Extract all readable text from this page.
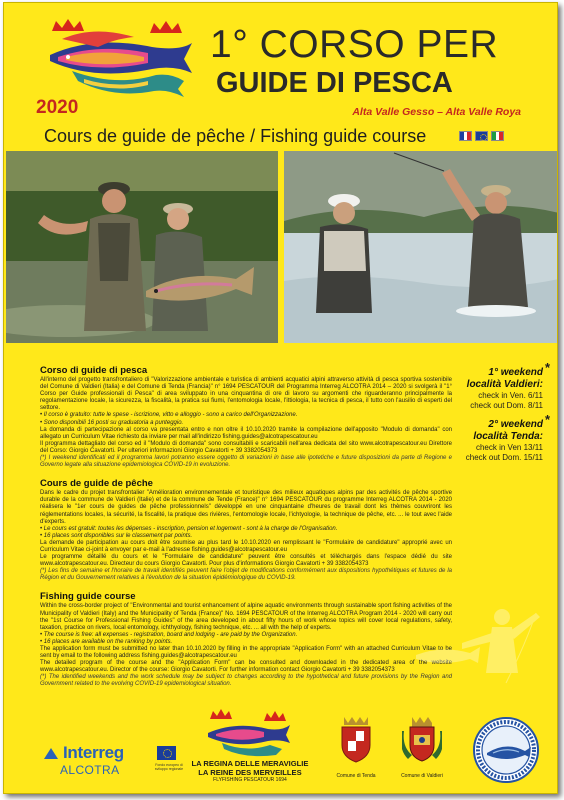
2020
1° CORSO PER
GUIDE DI PESCA
Alta Valle Gesso – Alta Valle Roya
Cours de guide de pêche / Fishing guide course
*
1° weekend
località Valdieri:
check in Ven. 6/11
check out Dom. 8/11
*
2° weekend
località Tenda:
check in Ven 13/11
check out Dom. 15/11
Corso di guide di pesca

All'interno del progetto transfrontaliero di "Valorizzazione ambientale e turistica di ambienti acquatici alpini attraverso attività di pesca sportiva sostenibile del Comune di Valdieri (Italia) e del Comune di Tenda (Francia)" n° 1694 PESCATOUR del Programma Interreg ALCOTRA 2014 – 2020 si svolgerà il "1° Corso per Guide professionali di Pesca" di area sviluppato in una cinquantina di ore di lavoro su argomenti che riguarderanno principalmente la regolamentazione locale, la sicurezza, la fiscalità, la pratica sui fiumi, l'entomologia locale, l'ittiologia, la tecnica di pesca, il tutto con l'ausilio di esperti del settore.

• Il corso è gratuito: tutte le spese - iscrizione, vitto e alloggio - sono a carico dell'Organizzazione.

• Sono disponibili 16 posti su graduatoria a punteggio.

La domanda di partecipazione al corso va presentata entro e non oltre il 10.10.2020 tramite la compilazione dell'apposito "Modulo di domanda" con allegato un Curriculum Vitae richiesto da inviare per mail all'indirizzo fishing.guides@alcotrapescatour.eu

Il programma dettagliato del corso ed il "Modulo di domanda" sono consultabili e scaricabili nell'area dedicata del sito www.alcotrapescatour.eu Direttore del Corso: Giorgio Cavatorti. Per ulteriori informazioni Giorgio Cavatorti + 39 3382054373

(*) I weekend identificati ed il programma lavori potranno essere oggetto di variazioni in base alle ipotetiche e future disposizioni da parte di Regione e Governo legate alla situazione epidemiologica COVID-19 in evoluzione.

Cours de guide de pêche

Dans le cadre du projet transfrontalier "Amélioration environnementale et touristique des milieux aquatiques alpins par des activités de pêche sportive durable de la commune de Valdieri (Italie) et de la commune de Tende (France)" n° 1694 PESCATOUR du programme Interreg ALCOTRA 2014 - 2020 réalisera le "1er cours de guides de pêche professionnels" développé en une cinquantaine d'heures de travail dont les thèmes couvriront les réglementations locales, la sécurité, la fiscalité, la pratique des rivières, l'entomologie locale, l'ichtyologie, la technique de pêche, etc. ... le tout avec l'aide d'experts.

• Le cours est gratuit: toutes les dépenses - inscription, pension et logement - sont à la charge de l'Organisation.

• 16 places sont disponibles sur le classement par points.

La demande de participation au cours doit être soumise au plus tard le 10.10.2020 en remplissant le "Formulaire de candidature" approprié avec un Curriculum Vitae ci-joint à envoyer par e-mail à l'adresse fishing.guides@alcotrapescatour.eu

Le programme détaillé du cours et le "Formulaire de candidature" peuvent être consultés et téléchargés dans l'espace dédié du site www.alcotrapescatour.eu. Directeur du cours Giorgio Cavatorti. Pour plus d'informations Giorgio Cavatorti + 39 3382054373

(*) Les fins de semaine et l'horaire de travail identifiés peuvent faire l'objet de modifications conformément aux dispositions hypothétiques et futures de la Région et du Gouvernement relatives à l'évolution de la situation épidémiologique du COVID-19.

Fishing guide course

Within the cross-border project of "Environmental and tourist enhancement of alpine aquatic environments through sustainable sport fishing activities of the Municipality of Valdieri (Italy) and the Municipality of Tenda (France)" No. 1694 PESCATOUR of the Interreg ALCOTRA Program 2014 - 2020 will carry out the "1st Course for Professional Fishing Guides" of the area developed in about fifty hours of work whose topics will cover local regulations, safety, taxation, practice on rivers, local entomology, ichthyology, fishing technique, etc. ... all with the help of experts.

• The course is free: all expenses - registration, board and lodging - are paid by the Organization.

• 16 places are available on the ranking by points.

The application form must be submitted no later than 10.10.2020 by filling in the appropriate "Application Form" with an attached Curriculum Vitae to be sent by email to the following address fishing.guides@alcotrapescatour.eu

The detailed program of the course and the "Application Form" can be consulted and downloaded in the dedicated area of the website www.alcotrapescatour.eu. Director of the course: Giorgio Cavatorti. For further information contact Giorgio Cavatorti + 39 3382054373

(*) The identified weekends and the work schedule may be subject to changes according to the hypothetical and future provisions by the Region and Government related to the evolving COVID-19 epidemiological situation.

Interreg
ALCOTRA	Fondo europeo di sviluppo regionale
LA REGINA DELLE MERAVIGLIE
LA REINE DES MERVEILLES
FLYFISHING PESCATOUR 1694
Comune di Tenda	Comune di Valdieri
